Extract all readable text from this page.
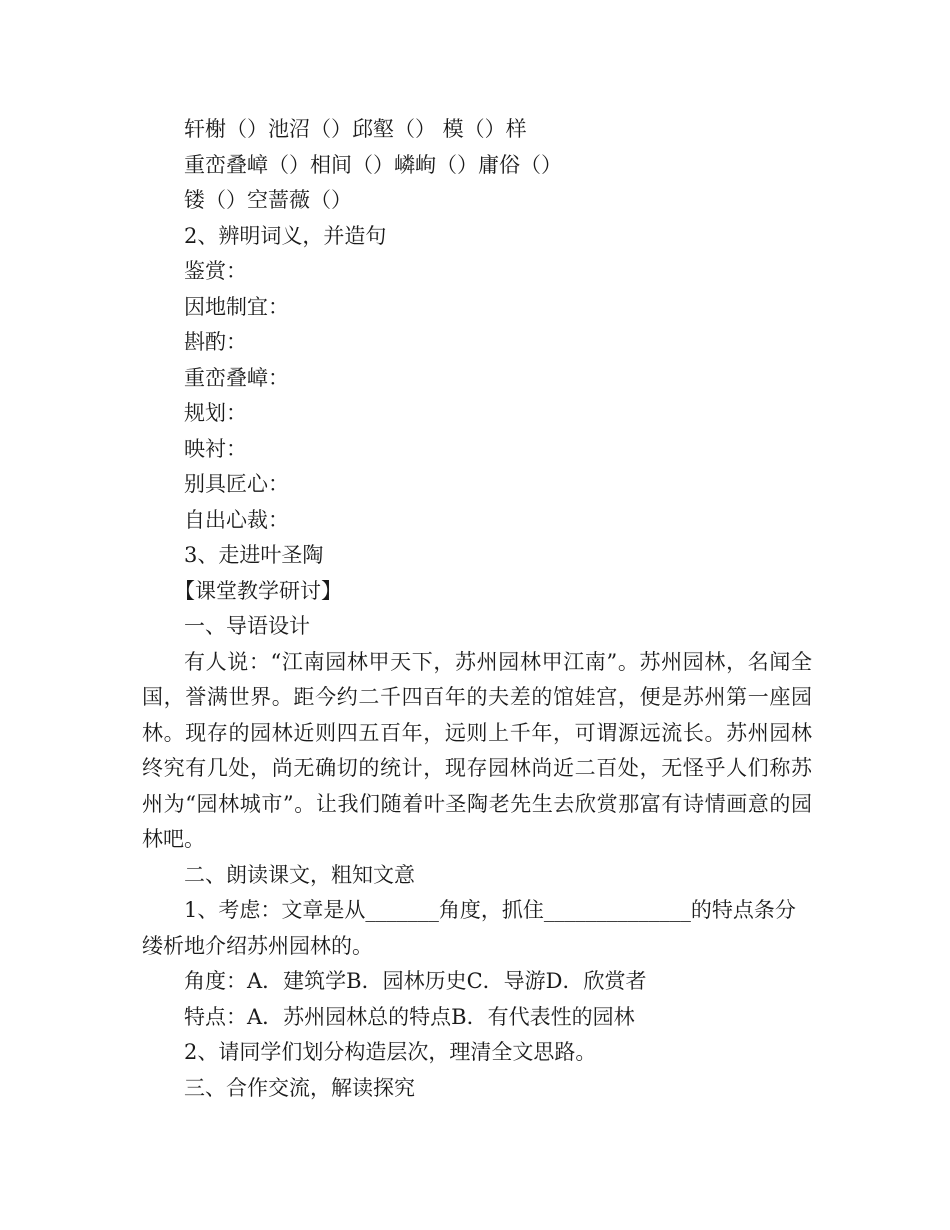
轩榭（）池沼（）邱壑（） 模（）样
重峦叠嶂（）相间（）嶙峋（）庸俗（）
镂（）空蔷薇（）
2、辨明词义，并造句
鉴赏：
因地制宜：
斟酌：
重峦叠嶂：
规划：
映衬：
别具匠心：
自出心裁：
3、走进叶圣陶
【课堂教学研讨】
一、导语设计

有人说：“江南园林甲天下，苏州园林甲江南”。苏州园林，名闻全国，誉满世界。距今约二千四百年的夫差的馆娃宫，便是苏州第一座园林。现存的园林近则四五百年，远则上千年，可谓源远流长。苏州园林终究有几处，尚无确切的统计，现存园林尚近二百处，无怪乎人们称苏州为“园林城市”。让我们随着叶圣陶老先生去欣赏那富有诗情画意的园林吧。

二、朗读课文，粗知文意

1、考虑：文章是从_______角度，抓住______________的特点条分缕析地介绍苏州园林的。

角度：A．建筑学B．园林历史C．导游D．欣赏者
特点：A．苏州园林总的特点B．有代表性的园林
2、请同学们划分构造层次，理清全文思路。
三、合作交流，解读探究
